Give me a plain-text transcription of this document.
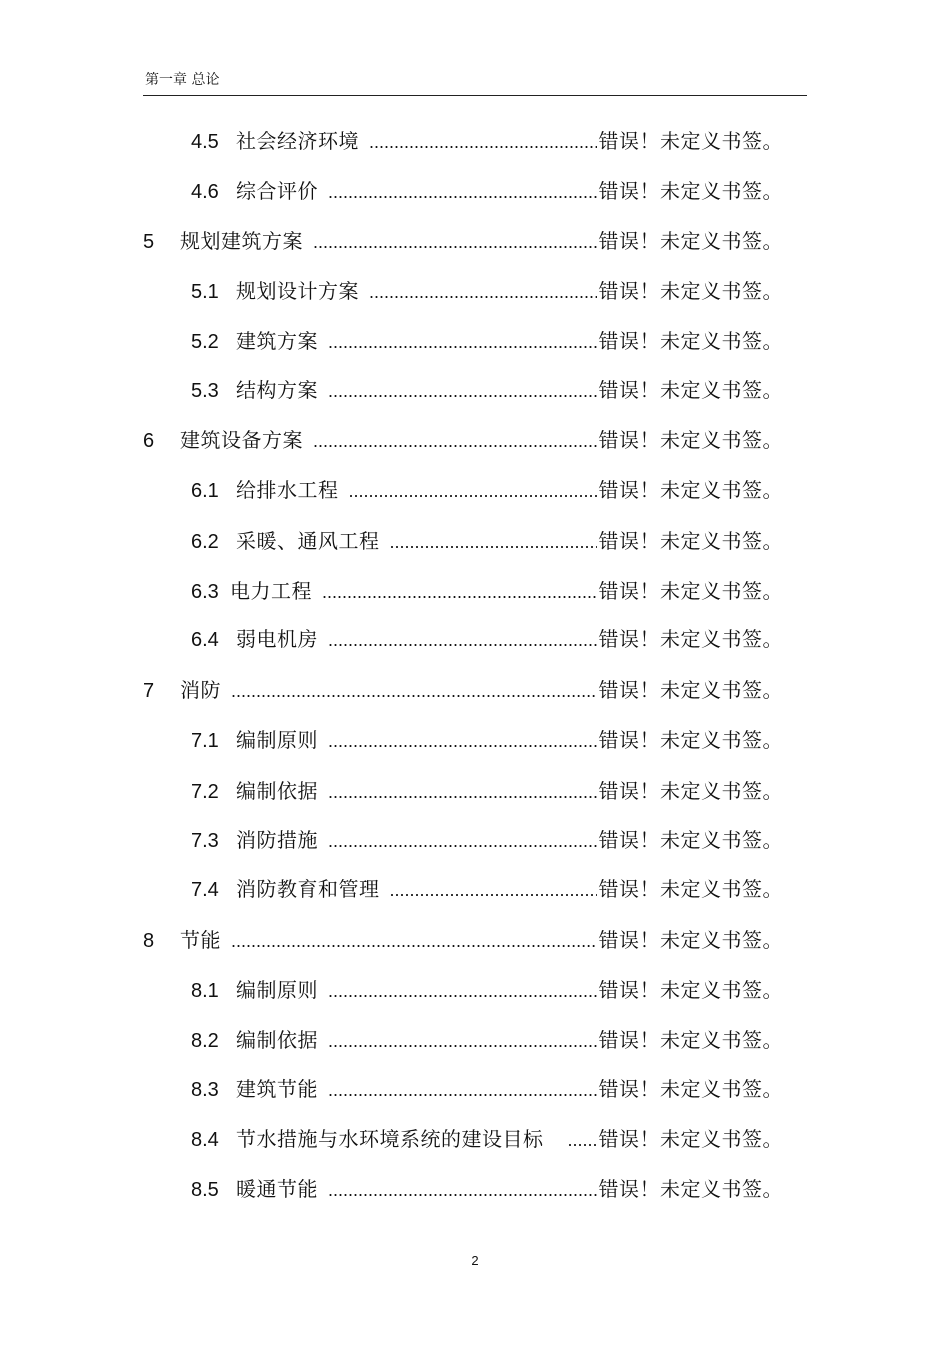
第一章 总论
4.5 社会经济环境 .....	错误！未定义书签。
4.6 综合评价 .....	错误！未定义书签。
5	规划建筑方案 .....	错误！未定义书签。
5.1 规划设计方案 .....	错误！未定义书签。
5.2 建筑方案 .....	错误！未定义书签。
5.3 结构方案 .....	错误！未定义书签。
6	建筑设备方案 .....	错误！未定义书签。
6.1 给排水工程 .....	错误！未定义书签。
6.2 采暖、通风工程 .....	错误！未定义书签。
6.3 电力工程 .....	错误！未定义书签。
6.4 弱电机房 .....	错误！未定义书签。
7	消防 .....	错误！未定义书签。
7.1 编制原则 .....	错误！未定义书签。
7.2 编制依据 .....	错误！未定义书签。
7.3 消防措施 .....	错误！未定义书签。
7.4 消防教育和管理 .....	错误！未定义书签。
8	节能 .....	错误！未定义书签。
8.1 编制原则 .....	错误！未定义书签。
8.2 编制依据 .....	错误！未定义书签。
8.3 建筑节能 .....	错误！未定义书签。
8.4 节水措施与水环境系统的建设目标 .....	错误！未定义书签。
8.5 暖通节能 .....	错误！未定义书签。
2
